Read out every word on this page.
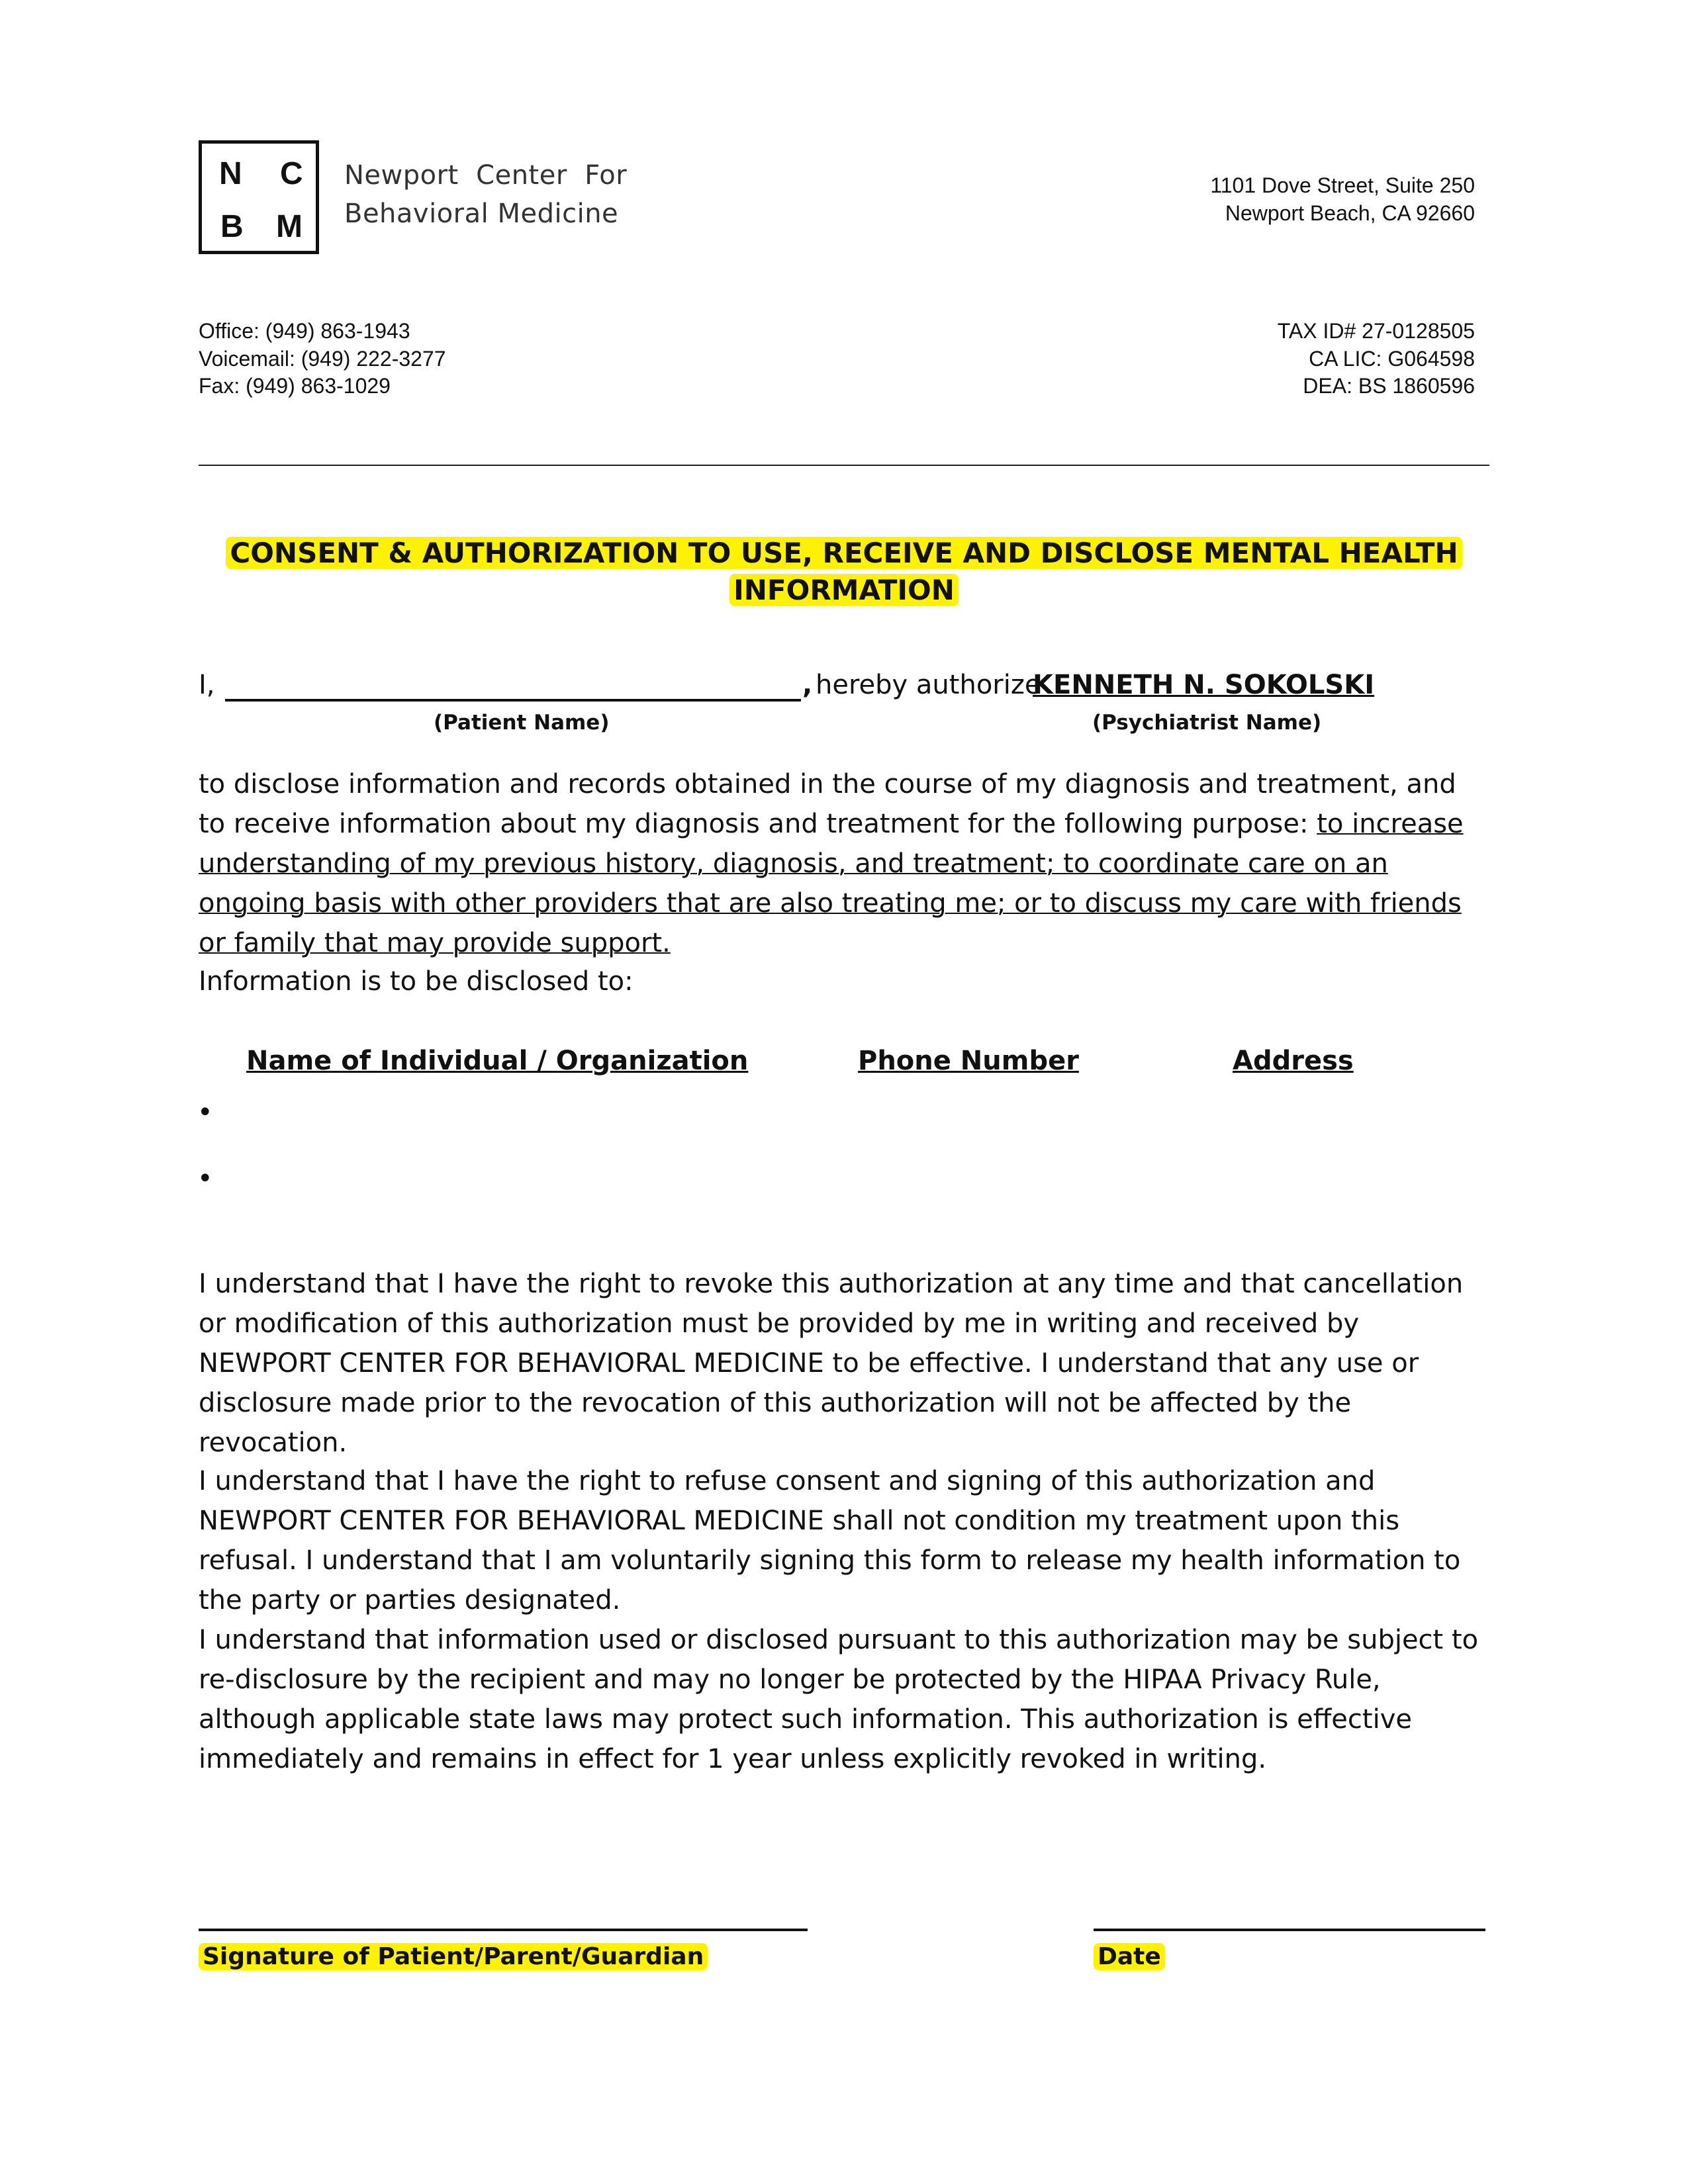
N C
B M
Newport  Center  For
Behavioral Medicine
1101 Dove Street, Suite 250
Newport Beach, CA 92660
Office: (949) 863-1943
Voicemail: (949) 222-3277
Fax: (949) 863-1029
TAX ID# 27-0128505
CA LIC: G064598
DEA: BS 1860596
CONSENT & AUTHORIZATION TO USE, RECEIVE AND DISCLOSE MENTAL HEALTH
INFORMATION
I,	, hereby authorize
KENNETH N. SOKOLSKI
(Patient Name)	(Psychiatrist Name)
to disclose information and records obtained in the course of my diagnosis and treatment, and to receive information about my diagnosis and treatment for the following purpose: to increase understanding of my previous history, diagnosis, and treatment; to coordinate care on an ongoing basis with other providers that are also treating me; or to discuss my care with friends or family that may provide support.
Information is to be disclosed to:
Name of Individual / Organization	Phone Number	Address
•
•
I understand that I have the right to revoke this authorization at any time and that cancellation or modification of this authorization must be provided by me in writing and received by NEWPORT CENTER FOR BEHAVIORAL MEDICINE to be effective. I understand that any use or disclosure made prior to the revocation of this authorization will not be affected by the revocation.
I understand that I have the right to refuse consent and signing of this authorization and NEWPORT CENTER FOR BEHAVIORAL MEDICINE shall not condition my treatment upon this refusal. I understand that I am voluntarily signing this form to release my health information to the party or parties designated.
I understand that information used or disclosed pursuant to this authorization may be subject to re-disclosure by the recipient and may no longer be protected by the HIPAA Privacy Rule, although applicable state laws may protect such information. This authorization is effective immediately and remains in effect for 1 year unless explicitly revoked in writing.
Signature of Patient/Parent/Guardian	Date
